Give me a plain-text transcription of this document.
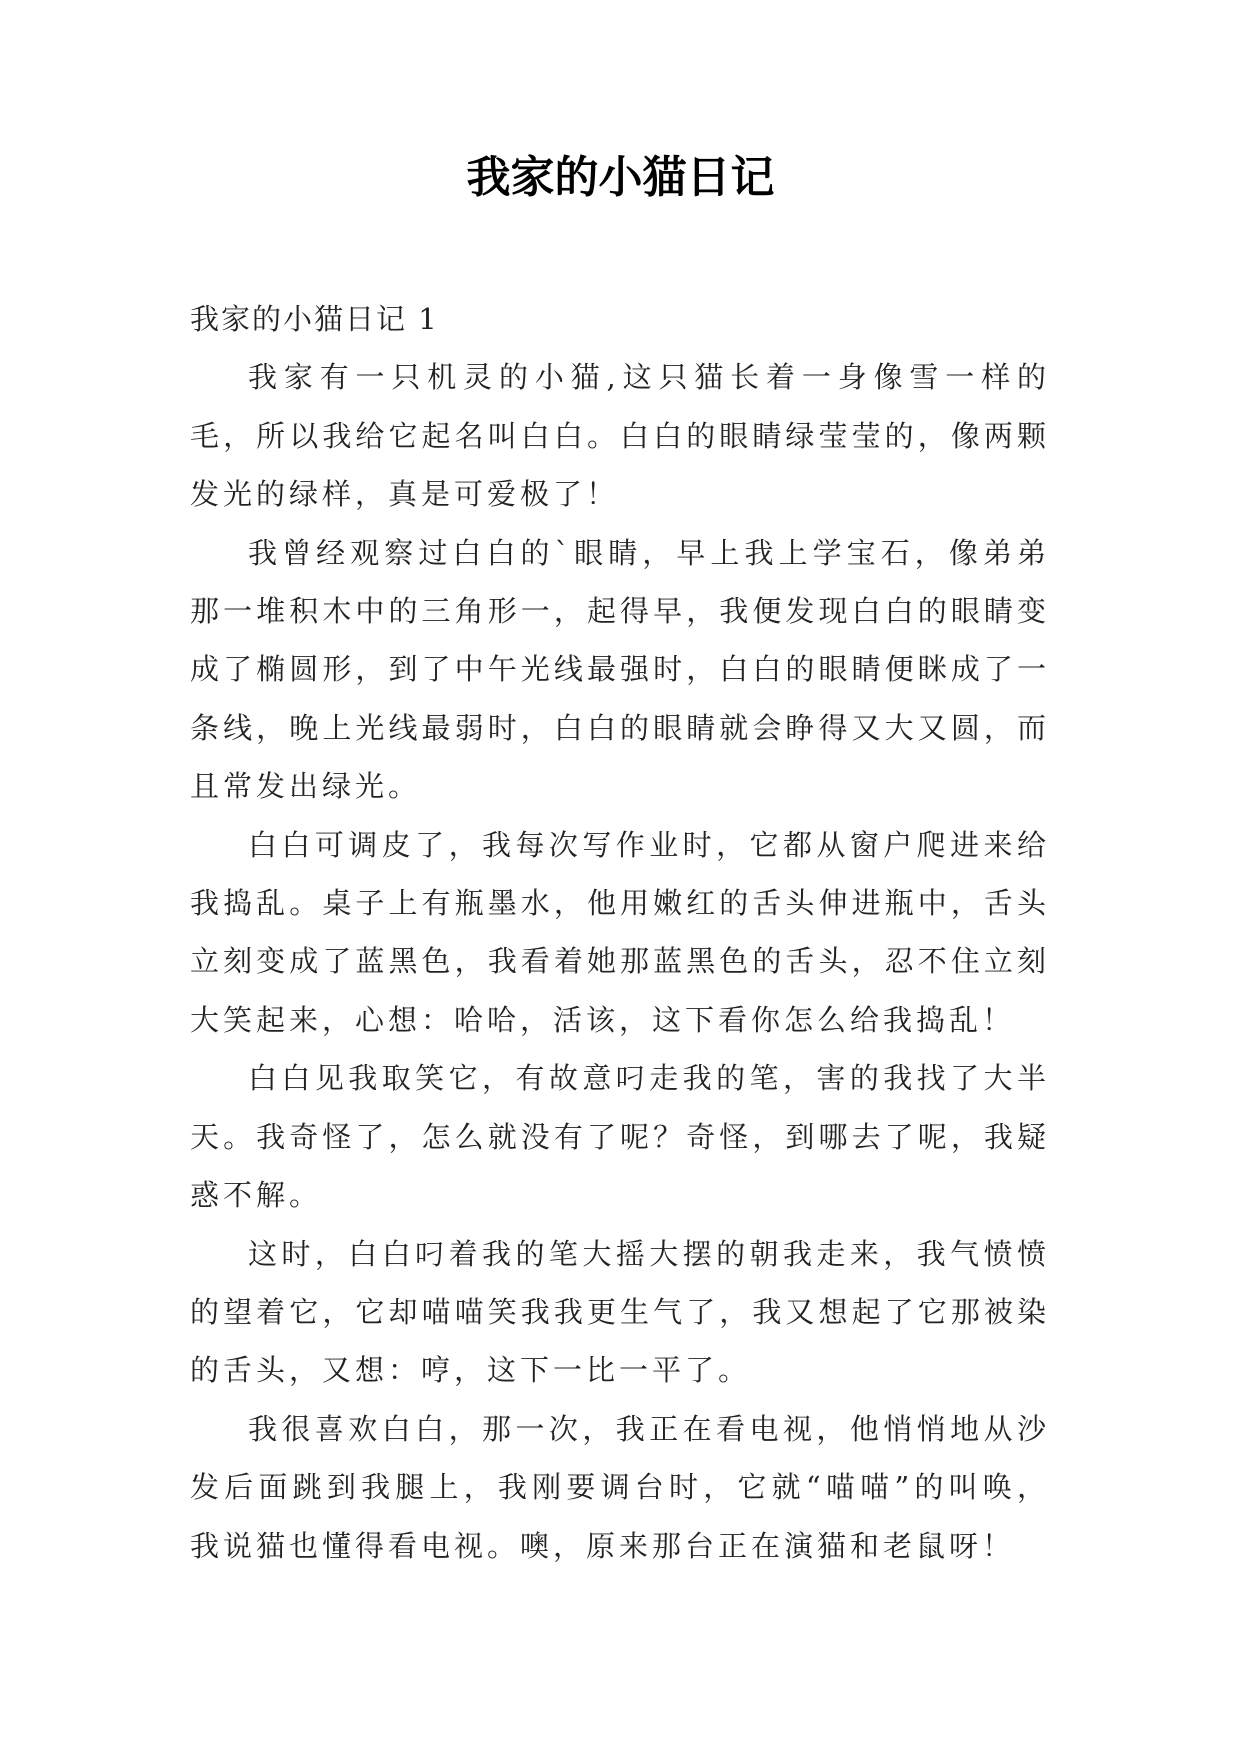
我家的小猫日记

我家的小猫日记 1

我家有一只机灵的小猫,这只猫长着一身像雪一样的毛，所以我给它起名叫白白。白白的眼睛绿莹莹的，像两颗发光的绿样，真是可爱极了！

我曾经观察过白白的`眼睛，早上我上学宝石，像弟弟那一堆积木中的三角形一，起得早，我便发现白白的眼睛变成了椭圆形，到了中午光线最强时，白白的眼睛便眯成了一条线，晚上光线最弱时，白白的眼睛就会睁得又大又圆，而且常发出绿光。

白白可调皮了，我每次写作业时，它都从窗户爬进来给我捣乱。桌子上有瓶墨水，他用嫩红的舌头伸进瓶中，舌头立刻变成了蓝黑色，我看着她那蓝黑色的舌头，忍不住立刻大笑起来，心想：哈哈，活该，这下看你怎么给我捣乱！

白白见我取笑它，有故意叼走我的笔，害的我找了大半天。我奇怪了，怎么就没有了呢？奇怪，到哪去了呢，我疑惑不解。

这时，白白叼着我的笔大摇大摆的朝我走来，我气愤愤的望着它，它却喵喵笑我我更生气了，我又想起了它那被染的舌头，又想：哼，这下一比一平了。

我很喜欢白白，那一次，我正在看电视，他悄悄地从沙发后面跳到我腿上，我刚要调台时，它就“喵喵”的叫唤，我说猫也懂得看电视。噢，原来那台正在演猫和老鼠呀！
